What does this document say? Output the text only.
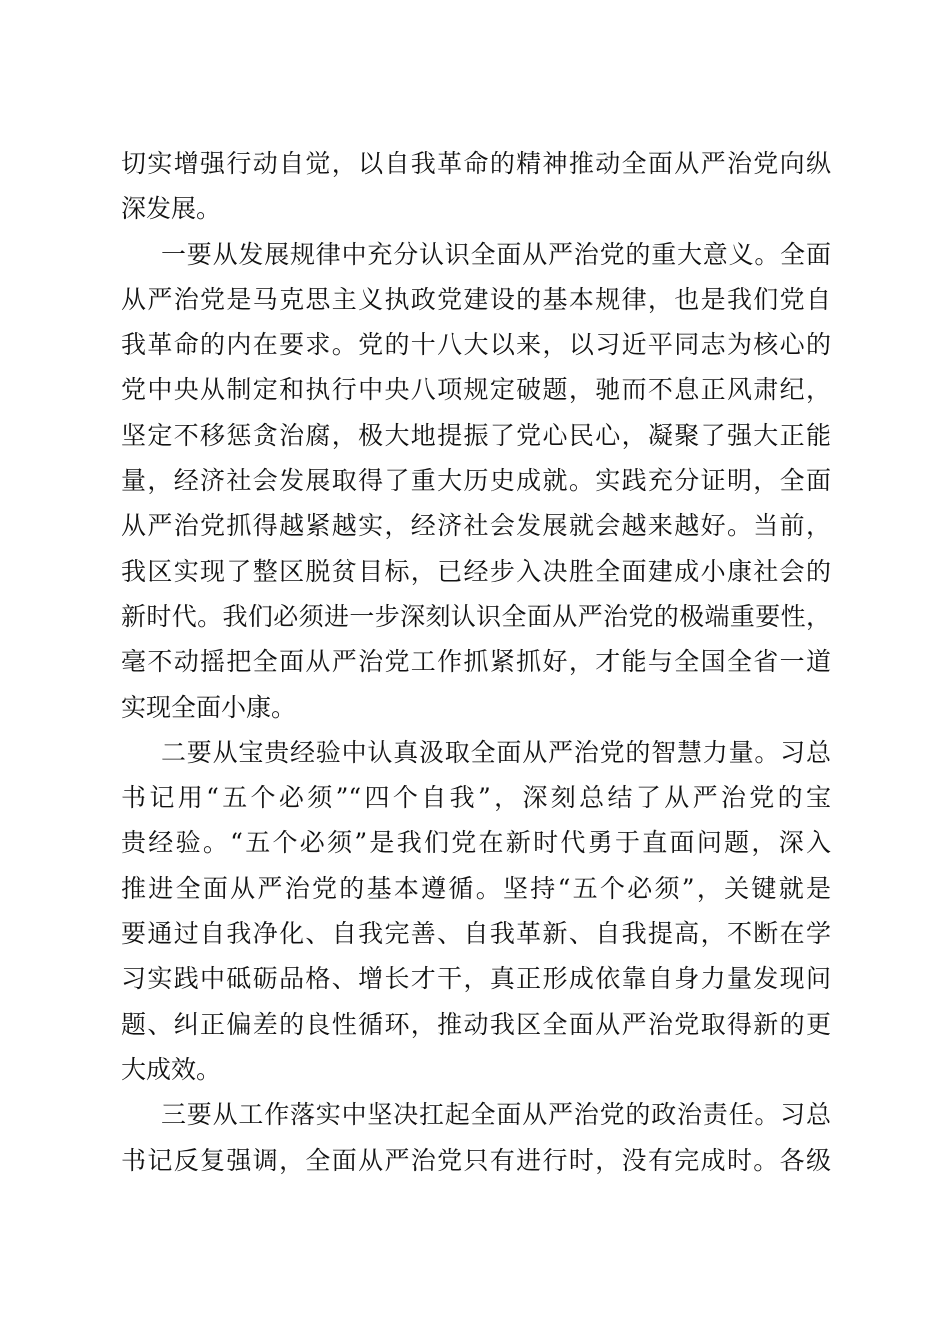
切实增强行动自觉，以自我革命的精神推动全面从严治党向纵
深发展。
一要从发展规律中充分认识全面从严治党的重大意义。全面
从严治党是马克思主义执政党建设的基本规律，也是我们党自
我革命的内在要求。党的十八大以来，以习近平同志为核心的
党中央从制定和执行中央八项规定破题，驰而不息正风肃纪，
坚定不移惩贪治腐，极大地提振了党心民心，凝聚了强大正能
量，经济社会发展取得了重大历史成就。实践充分证明，全面
从严治党抓得越紧越实，经济社会发展就会越来越好。当前，
我区实现了整区脱贫目标，已经步入决胜全面建成小康社会的
新时代。我们必须进一步深刻认识全面从严治党的极端重要性，
毫不动摇把全面从严治党工作抓紧抓好，才能与全国全省一道
实现全面小康。
二要从宝贵经验中认真汲取全面从严治党的智慧力量。习总
书记用“五个必须”“四个自我”，深刻总结了从严治党的宝
贵经验。“五个必须”是我们党在新时代勇于直面问题，深入
推进全面从严治党的基本遵循。坚持“五个必须”，关键就是
要通过自我净化、自我完善、自我革新、自我提高，不断在学
习实践中砥砺品格、增长才干，真正形成依靠自身力量发现问
题、纠正偏差的良性循环，推动我区全面从严治党取得新的更
大成效。
三要从工作落实中坚决扛起全面从严治党的政治责任。习总
书记反复强调，全面从严治党只有进行时，没有完成时。各级
